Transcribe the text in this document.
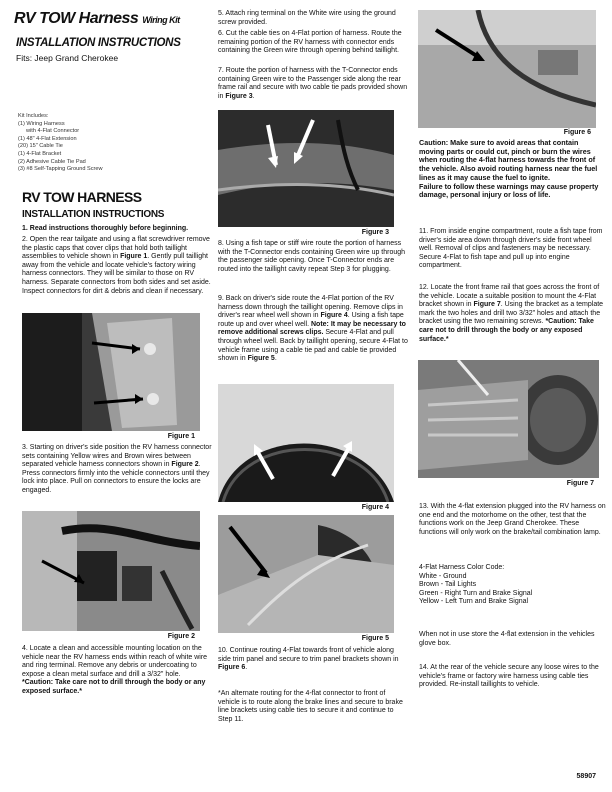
RV TOW Harness Wiring Kit
INSTALLATION INSTRUCTIONS
Fits: Jeep Grand Cherokee
Kit Includes:
(1) Wiring Harness
with 4-Flat Connector
(1) 48" 4-Flat Extension
(20) 15" Cable Tie
(1) 4-Flat Bracket
(2) Adhesive Cable Tie Pad
(3) #8 Self-Tapping Ground Screw
RV TOW HARNESS
INSTALLATION INSTRUCTIONS
1. Read instructions thoroughly before beginning.
2. Open the rear tailgate and using a flat screwdriver remove the plastic caps that cover clips that hold both taillight assemblies to vehicle shown in Figure 1. Gently pull taillight away from the vehicle and locate vehicle's factory wiring harness connectors. They will be similar to those on RV harness. Separate connectors from both sides and set aside. Inspect connectors for dirt & debris and clean if necessary.
Figure 1
3. Starting on driver's side position the RV harness connector sets containing Yellow wires and Brown wires between separated vehicle harness connectors shown in Figure 2. Press connectors firmly into the vehicle connectors until they lock into place. Pull on connectors to ensure the locks are engaged.
Figure 2
4. Locate a clean and accessible mounting location on the vehicle near the RV harness ends within reach of white wire and ring terminal. Remove any debris or undercoating to expose a clean metal surface and drill a 3/32" hole. *Caution: Take care not to drill through the body or any exposed surface.*
5. Attach ring terminal on the White wire using the ground screw provided.
6. Cut the cable ties on 4-Flat portion of harness. Route the remaining portion of the RV harness with connector ends containing the Green wire through opening behind taillight.
7. Route the portion of harness with the T-Connector ends containing Green wire to the Passenger side along the rear frame rail and secure with two cable tie pads provided shown in Figure 3.
Figure 3
8. Using a fish tape or stiff wire route the portion of harness with the T-Connector ends containing Green wire up through the passenger side opening. Once T-Connector ends are routed into the taillight cavity repeat Step 3 for plugging.
9. Back on driver's side route the 4-Flat portion of the RV harness down through the taillight opening. Remove clips in driver's rear wheel well shown in Figure 4. Using a fish tape route up and over wheel well. Note: It may be necessary to remove additional screws clips. Secure 4-Flat and pull through wheel well. Back by taillight opening, secure 4-Flat to vehicle frame using a cable tie pad and cable tie provided shown in Figure 5.
Figure 4
Figure 5
10. Continue routing 4-Flat towards front of vehicle along side trim panel and secure to trim panel brackets shown in Figure 6.
*An alternate routing for the 4-flat connector to front of vehicle is to route along the brake lines and secure to brake line brackets using cable ties to secure it and continue to Step 11.
Figure 6
Caution: Make sure to avoid areas that contain moving parts or could cut, pinch or burn the wires when routing the 4-flat harness towards the front of the vehicle. Also avoid routing harness near the fuel lines as it may cause the fuel to ignite.
Failure to follow these warnings may cause property damage, personal injury or loss of life.
11. From inside engine compartment, route a fish tape from driver's side area down through driver's side front wheel well. Removal of clips and fasteners may be necessary. Secure 4-Flat to fish tape and pull up into engine compartment.
12. Locate the front frame rail that goes across the front of the vehicle. Locate a suitable position to mount the 4-Flat bracket shown in Figure 7. Using the bracket as a template mark the two holes and drill two 3/32" holes and attach the bracket using the two remaining screws. *Caution: Take care not to drill through the body or any exposed surface.*
Figure 7
13. With the 4-flat extension plugged into the RV harness on one end and the motorhome on the other, test that the functions work on the Jeep Grand Cherokee. These functions will only work on the brake/tail combination lamp.
4-Flat Harness Color Code:
White - Ground
Brown - Tail Lights
Green - Right Turn and Brake Signal
Yellow - Left Turn and Brake Signal
When not in use store the 4-flat extension in the vehicles glove box.
14. At the rear of the vehicle secure any loose wires to the vehicle's frame or factory wire harness using cable ties provided. Re-install taillights to vehicle.
58907
